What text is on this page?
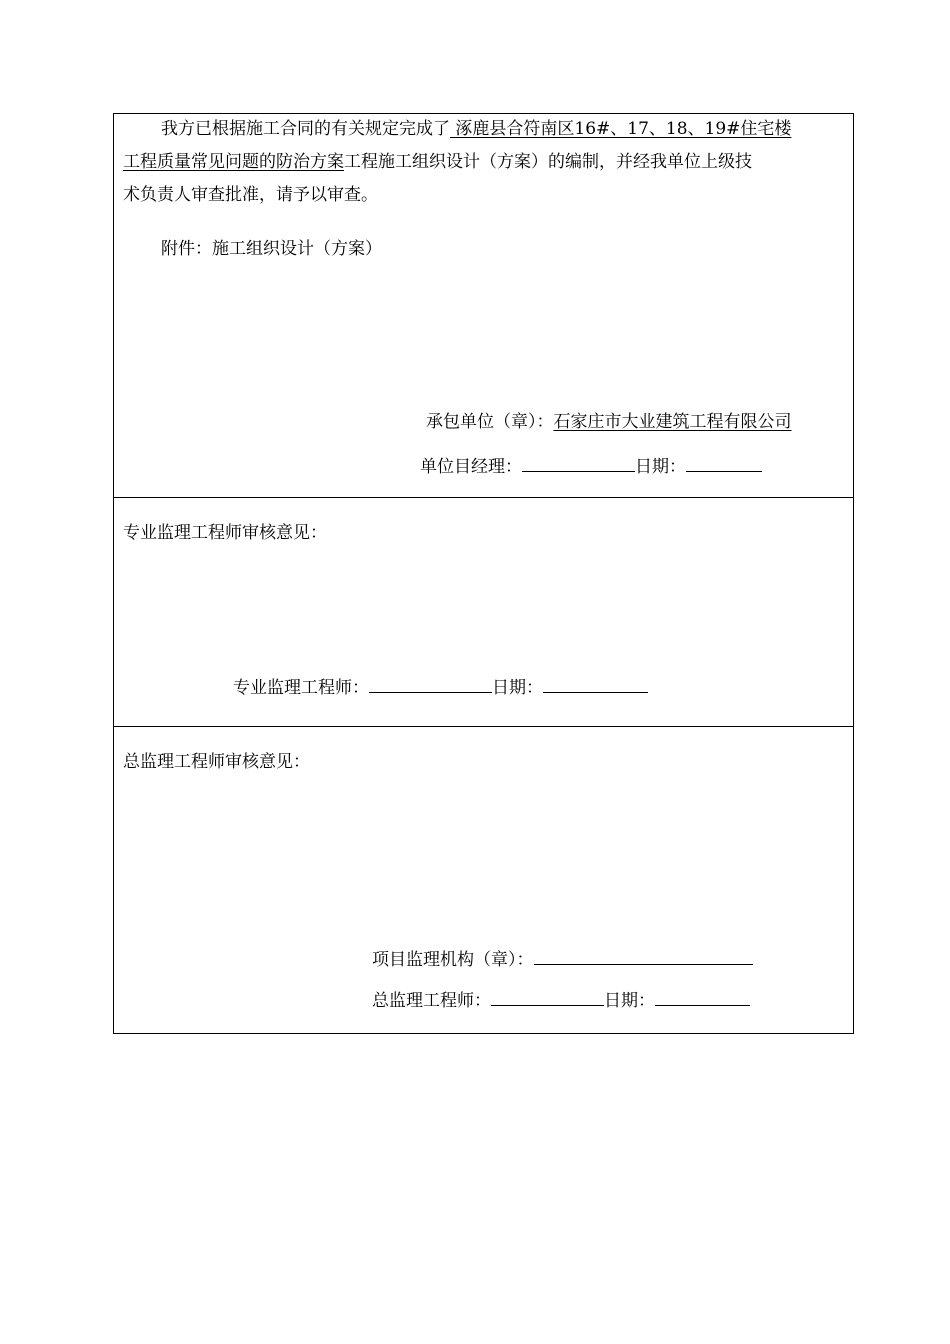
我方已根据施工合同的有关规定完成了 涿鹿县合符南区16#、17、18、19#住宅楼
工程质量常见问题的防治方案工程施工组织设计（方案）的编制，并经我单位上级技
术负责人审查批准，请予以审查。
附件：施工组织设计（方案）
承包单位（章）：石家庄市大业建筑工程有限公司
单位目经理：	日期：
专业监理工程师审核意见：
专业监理工程师：	日期：
总监理工程师审核意见：
项目监理机构（章）：
总监理工程师：	日期：
